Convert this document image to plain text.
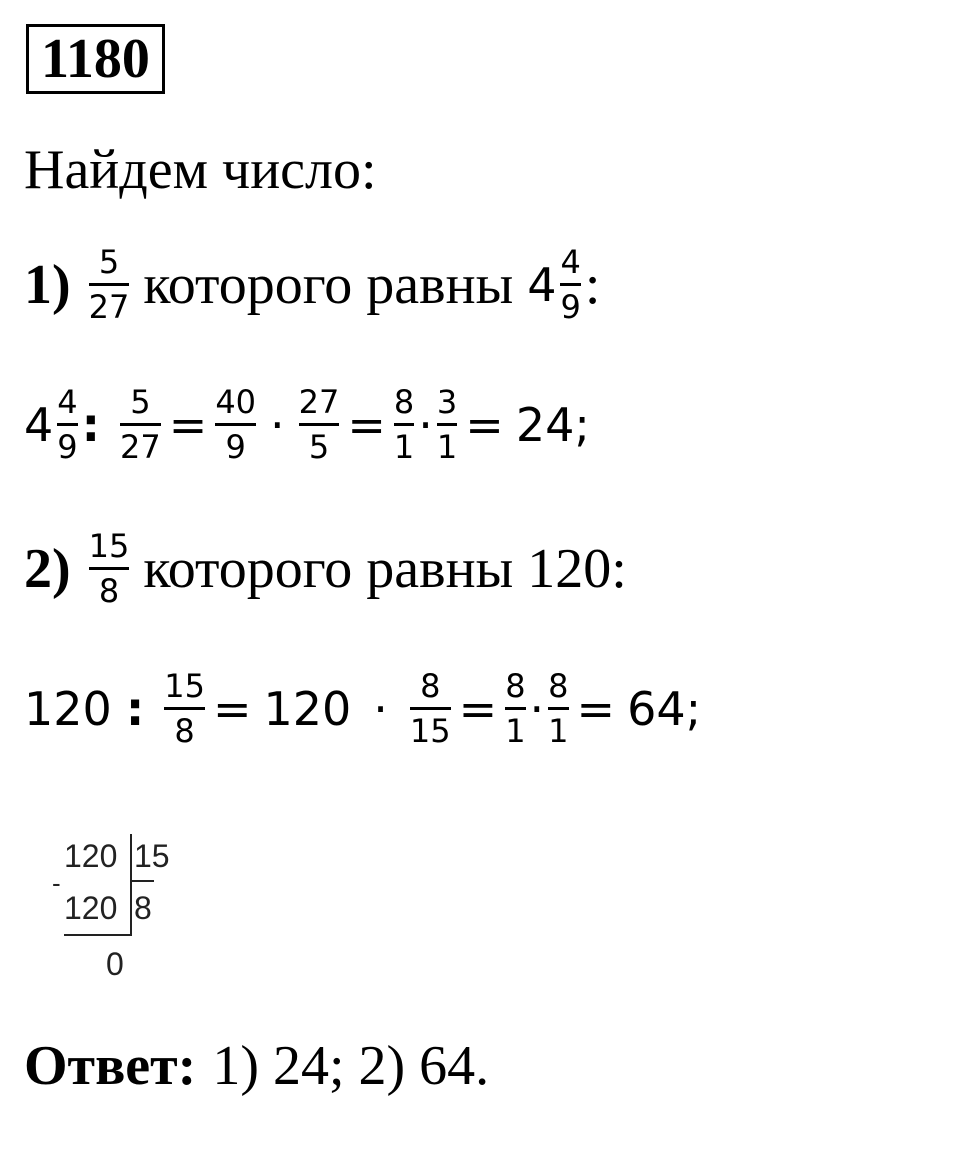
1180
Найдем число:
$1) \frac{5}{27}$ которого равны $4 \frac{4}{9}$ :
$4 \frac{4}{9}$ : $\frac{5}{27} = \frac{40}{9} \cdot \frac{27}{5} = \frac{8}{1} \cdot \frac{3}{1} = 24$;
$2) \frac{15}{8}$ которого равны 120:
120 : $\frac{15}{8} = 120 \cdot \frac{8}{15} = \frac{8}{1} \cdot \frac{8}{1} = 64$;
120 15
-
120 8
0
Ответ: 1) 24; 2) 64.
